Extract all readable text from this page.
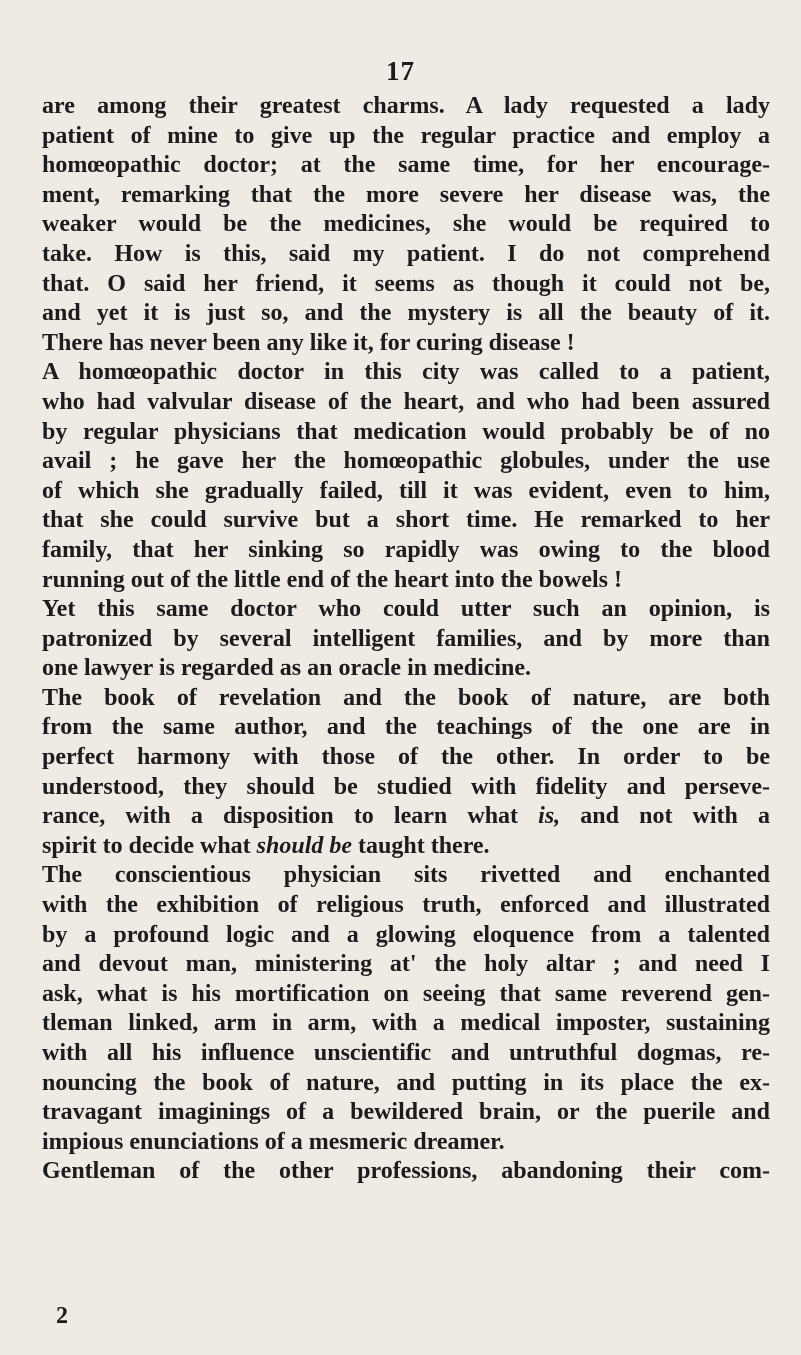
17
are among their greatest charms. A lady requested a lady
patient of mine to give up the regular practice and employ a
homœopathic doctor; at the same time, for her encourage-
ment, remarking that the more severe her disease was, the
weaker would be the medicines, she would be required to
take. How is this, said my patient. I do not comprehend
that. O said her friend, it seems as though it could not be,
and yet it is just so, and the mystery is all the beauty of it.
There has never been any like it, for curing disease !
A homœopathic doctor in this city was called to a patient,
who had valvular disease of the heart, and who had been assured
by regular physicians that medication would probably be of no
avail ; he gave her the homœopathic globules, under the use
of which she gradually failed, till it was evident, even to him,
that she could survive but a short time. He remarked to her
family, that her sinking so rapidly was owing to the blood
running out of the little end of the heart into the bowels !
Yet this same doctor who could utter such an opinion, is
patronized by several intelligent families, and by more than
one lawyer is regarded as an oracle in medicine.
The book of revelation and the book of nature, are both
from the same author, and the teachings of the one are in
perfect harmony with those of the other. In order to be
understood, they should be studied with fidelity and perseve-
rance, with a disposition to learn what is, and not with a
spirit to decide what should be taught there.
The conscientious physician sits rivetted and enchanted
with the exhibition of religious truth, enforced and illustrated
by a profound logic and a glowing eloquence from a talented
and devout man, ministering at' the holy altar ; and need I
ask, what is his mortification on seeing that same reverend gen-
tleman linked, arm in arm, with a medical imposter, sustaining
with all his influence unscientific and untruthful dogmas, re-
nouncing the book of nature, and putting in its place the ex-
travagant imaginings of a bewildered brain, or the puerile and
impious enunciations of a mesmeric dreamer.
Gentleman of the other professions, abandoning their com-
2
